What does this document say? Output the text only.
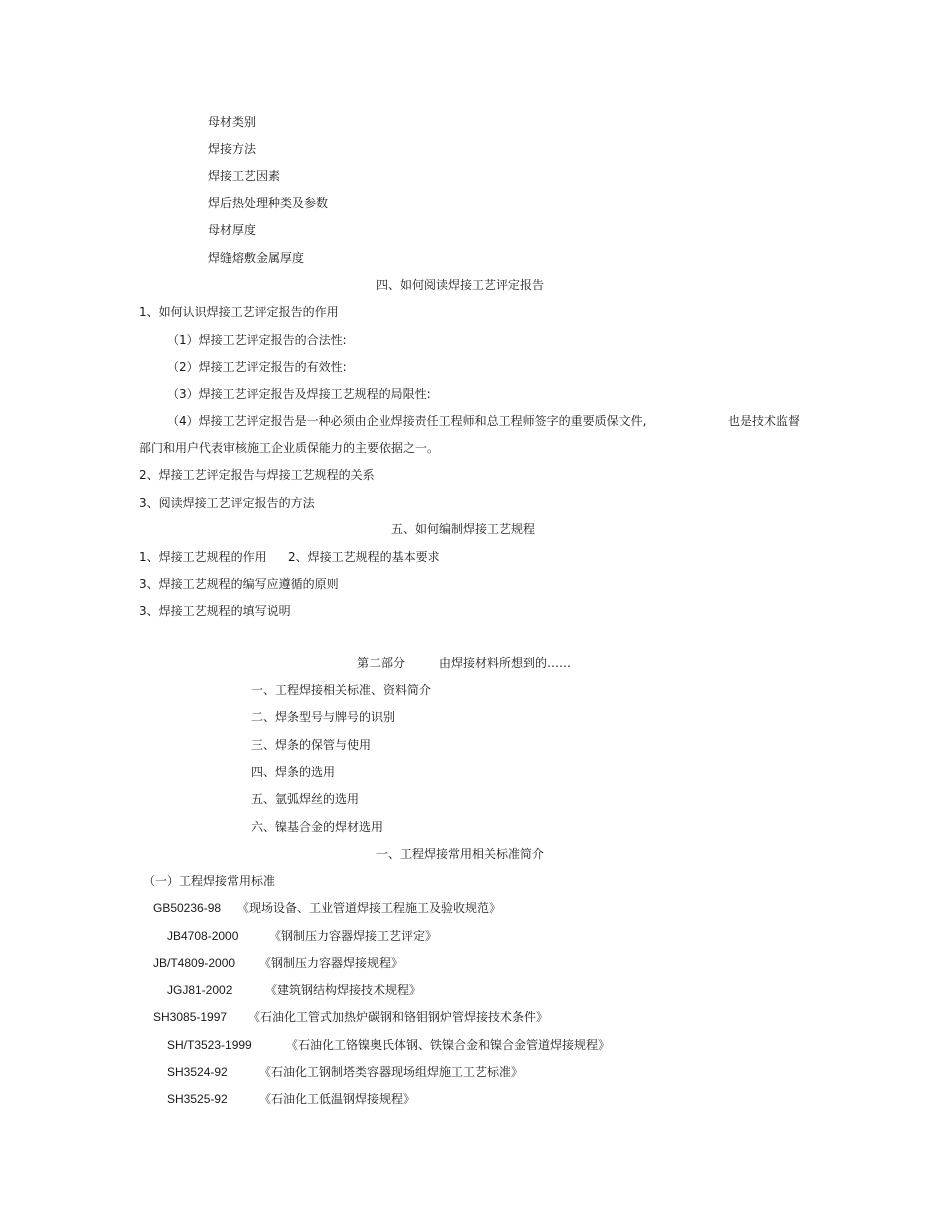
母材类别
焊接方法
焊接工艺因素
焊后热处理种类及参数
母材厚度
焊缝熔敷金属厚度
四、如何阅读焊接工艺评定报告
1、如何认识焊接工艺评定报告的作用
（1）焊接工艺评定报告的合法性:
（2）焊接工艺评定报告的有效性:
（3）焊接工艺评定报告及焊接工艺规程的局限性:
（4）焊接工艺评定报告是一种必须由企业焊接责任工程师和总工程师签字的重要质保文件,	也是技术监督
部门和用户代表审核施工企业质保能力的主要依据之一。
2、焊接工艺评定报告与焊接工艺规程的关系
3、阅读焊接工艺评定报告的方法
五、如何编制焊接工艺规程
1、焊接工艺规程的作用 2、焊接工艺规程的基本要求
3、焊接工艺规程的编写应遵循的原则
3、焊接工艺规程的填写说明
第二部分	由焊接材料所想到的……
一、工程焊接相关标准、资料简介
二、焊条型号与牌号的识别
三、焊条的保管与使用
四、焊条的选用
五、氩弧焊丝的选用
六、镍基合金的焊材选用
一、工程焊接常用相关标准简介
（一）工程焊接常用标准
GB50236-98 《现场设备、工业管道焊接工程施工及验收规范》
JB4708-2000	《钢制压力容器焊接工艺评定》
JB/T4809-2000 《钢制压力容器焊接规程》
JGJ81-2002	《建筑钢结构焊接技术规程》
SH3085-1997 《石油化工管式加热炉碳钢和铬钼钢炉管焊接技术条件》
SH/T3523-1999	《石油化工铬镍奥氏体钢、铁镍合金和镍合金管道焊接规程》
SH3524-92	《石油化工钢制塔类容器现场组焊施工工艺标准》
SH3525-92	《石油化工低温钢焊接规程》
